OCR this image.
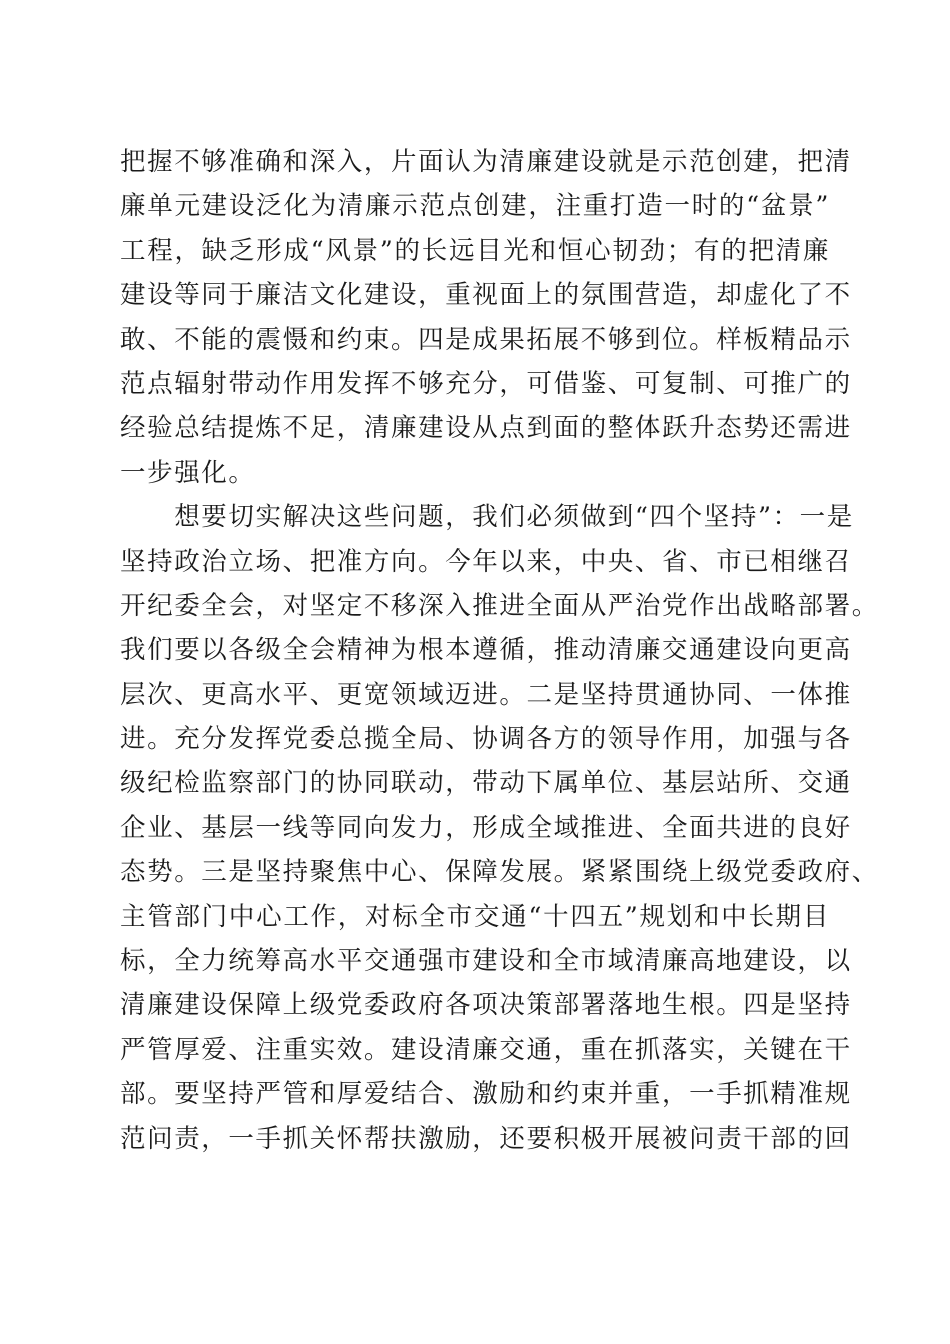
把握不够准确和深入，片面认为清廉建设就是示范创建，把清
廉单元建设泛化为清廉示范点创建，注重打造一时的“盆景”
工程，缺乏形成“风景”的长远目光和恒心韧劲；有的把清廉
建设等同于廉洁文化建设，重视面上的氛围营造，却虚化了不
敢、不能的震慑和约束。四是成果拓展不够到位。样板精品示
范点辐射带动作用发挥不够充分，可借鉴、可复制、可推广的
经验总结提炼不足，清廉建设从点到面的整体跃升态势还需进
一步强化。
　　想要切实解决这些问题，我们必须做到“四个坚持”：一是
坚持政治立场、把准方向。今年以来，中央、省、市已相继召
开纪委全会，对坚定不移深入推进全面从严治党作出战略部署。
我们要以各级全会精神为根本遵循，推动清廉交通建设向更高
层次、更高水平、更宽领域迈进。二是坚持贯通协同、一体推
进。充分发挥党委总揽全局、协调各方的领导作用，加强与各
级纪检监察部门的协同联动，带动下属单位、基层站所、交通
企业、基层一线等同向发力，形成全域推进、全面共进的良好
态势。三是坚持聚焦中心、保障发展。紧紧围绕上级党委政府、
主管部门中心工作，对标全市交通“十四五”规划和中长期目
标，全力统筹高水平交通强市建设和全市域清廉高地建设，以
清廉建设保障上级党委政府各项决策部署落地生根。四是坚持
严管厚爱、注重实效。建设清廉交通，重在抓落实，关键在干
部。要坚持严管和厚爱结合、激励和约束并重，一手抓精准规
范问责，一手抓关怀帮扶激励，还要积极开展被问责干部的回
